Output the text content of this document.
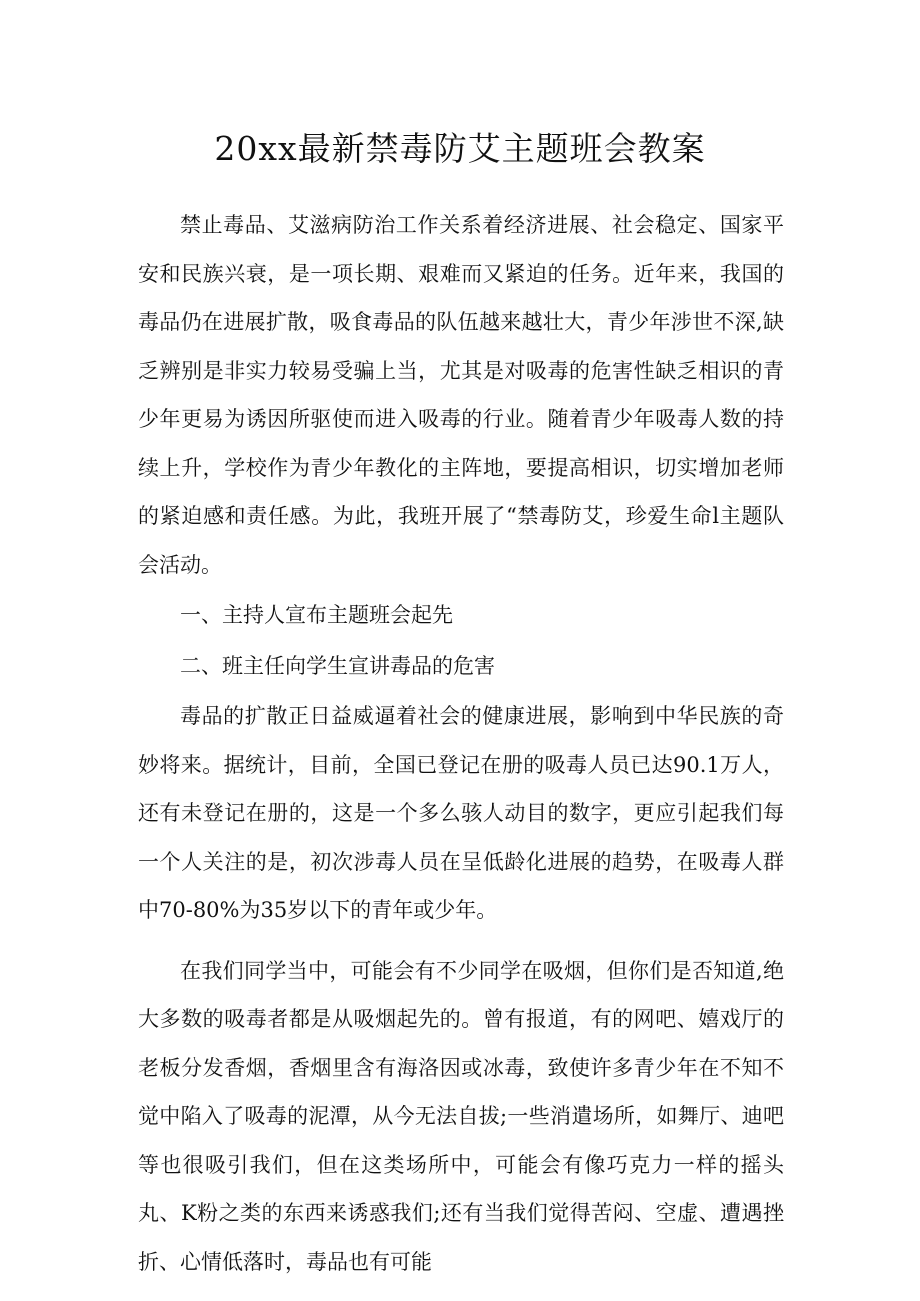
20xx最新禁毒防艾主题班会教案

禁止毒品、艾滋病防治工作关系着经济进展、社会稳定、国家平安和民族兴衰，是一项长期、艰难而又紧迫的任务。近年来，我国的毒品仍在进展扩散，吸食毒品的队伍越来越壮大，青少年涉世不深,缺乏辨别是非实力较易受骗上当，尤其是对吸毒的危害性缺乏相识的青少年更易为诱因所驱使而进入吸毒的行业。随着青少年吸毒人数的持续上升，学校作为青少年教化的主阵地，要提高相识，切实增加老师的紧迫感和责任感。为此，我班开展了“禁毒防艾，珍爱生命l主题队会活动。

一、主持人宣布主题班会起先

二、班主任向学生宣讲毒品的危害

毒品的扩散正日益威逼着社会的健康进展，影响到中华民族的奇妙将来。据统计，目前，全国已登记在册的吸毒人员已达90.1万人，还有未登记在册的，这是一个多么骇人动目的数字，更应引起我们每一个人关注的是，初次涉毒人员在呈低龄化进展的趋势，在吸毒人群中70-80%为35岁以下的青年或少年。

在我们同学当中，可能会有不少同学在吸烟，但你们是否知道,绝大多数的吸毒者都是从吸烟起先的。曾有报道，有的网吧、嬉戏厅的老板分发香烟，香烟里含有海洛因或冰毒，致使许多青少年在不知不觉中陷入了吸毒的泥潭，从今无法自拔;一些消遣场所，如舞厅、迪吧等也很吸引我们，但在这类场所中，可能会有像巧克力一样的摇头丸、K粉之类的东西来诱惑我们;还有当我们觉得苦闷、空虚、遭遇挫折、心情低落时，毒品也有可能
